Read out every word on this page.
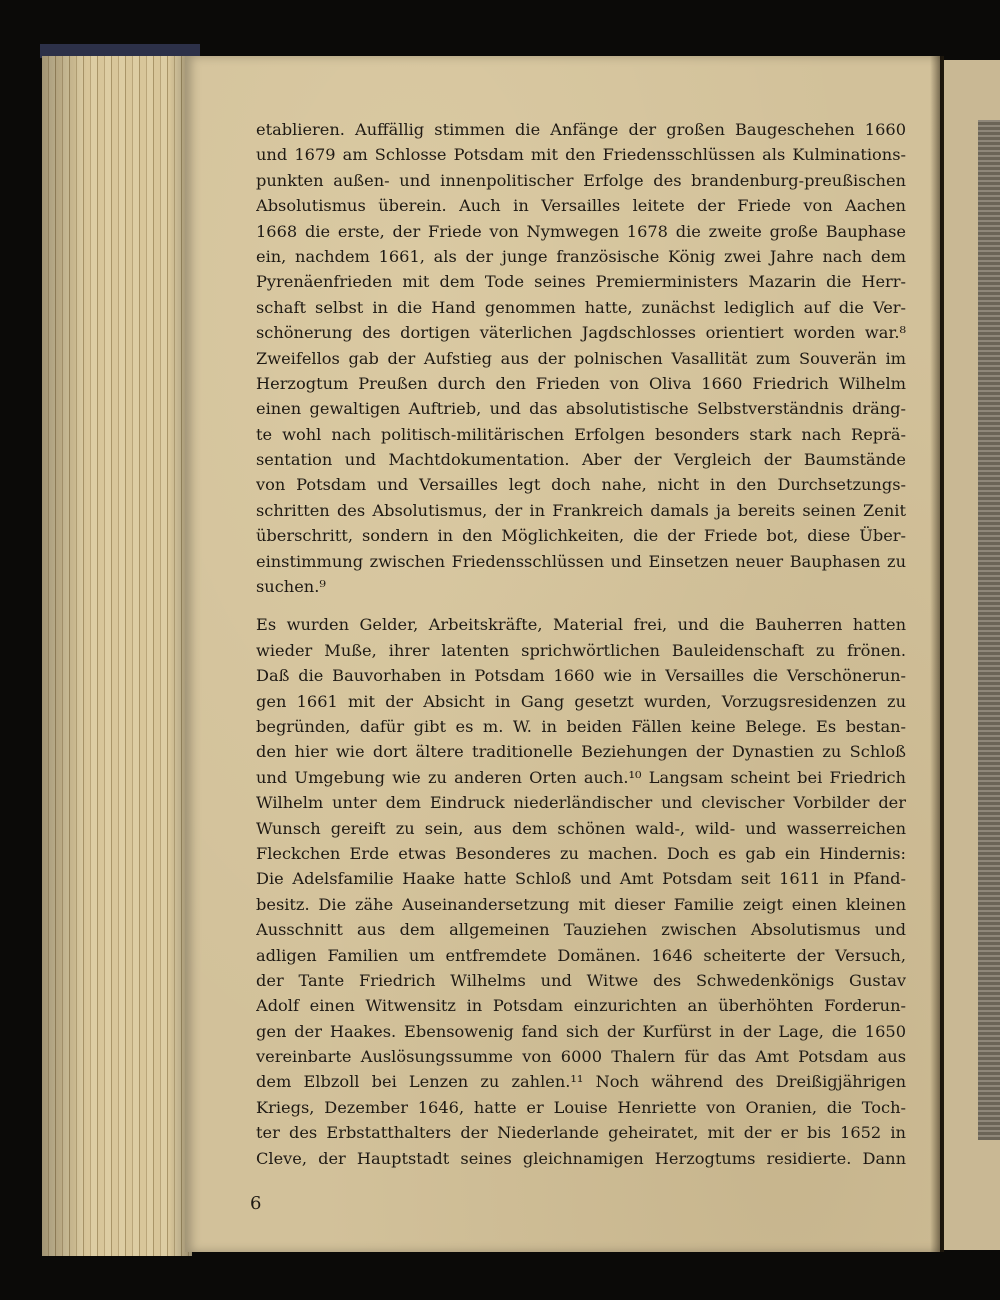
etablieren. Auffällig stimmen die Anfänge der großen Baugeschehen 1660
und 1679 am Schlosse Potsdam mit den Friedensschlüssen als Kulminations-
punkten außen- und innenpolitischer Erfolge des brandenburg-preußischen
Absolutismus überein. Auch in Versailles leitete der Friede von Aachen
1668 die erste, der Friede von Nymwegen 1678 die zweite große Bauphase
ein, nachdem 1661, als der junge französische König zwei Jahre nach dem
Pyrenäenfrieden mit dem Tode seines Premierministers Mazarin die Herr-
schaft selbst in die Hand genommen hatte, zunächst lediglich auf die Ver-
schönerung des dortigen väterlichen Jagdschlosses orientiert worden war.⁸
Zweifellos gab der Aufstieg aus der polnischen Vasallität zum Souverän im
Herzogtum Preußen durch den Frieden von Oliva 1660 Friedrich Wilhelm
einen gewaltigen Auftrieb, und das absolutistische Selbstverständnis dräng-
te wohl nach politisch-militärischen Erfolgen besonders stark nach Reprä-
sentation und Machtdokumentation. Aber der Vergleich der Baumstände
von Potsdam und Versailles legt doch nahe, nicht in den Durchsetzungs-
schritten des Absolutismus, der in Frankreich damals ja bereits seinen Zenit
überschritt, sondern in den Möglichkeiten, die der Friede bot, diese Über-
einstimmung zwischen Friedensschlüssen und Einsetzen neuer Bauphasen zu
suchen.⁹
Es wurden Gelder, Arbeitskräfte, Material frei, und die Bauherren hatten
wieder Muße, ihrer latenten sprichwörtlichen Bauleidenschaft zu frönen.
Daß die Bauvorhaben in Potsdam 1660 wie in Versailles die Verschönerun-
gen 1661 mit der Absicht in Gang gesetzt wurden, Vorzugsresidenzen zu
begründen, dafür gibt es m. W. in beiden Fällen keine Belege. Es bestan-
den hier wie dort ältere traditionelle Beziehungen der Dynastien zu Schloß
und Umgebung wie zu anderen Orten auch.¹⁰ Langsam scheint bei Friedrich
Wilhelm unter dem Eindruck niederländischer und clevischer Vorbilder der
Wunsch gereift zu sein, aus dem schönen wald-, wild- und wasserreichen
Fleckchen Erde etwas Besonderes zu machen. Doch es gab ein Hindernis:
Die Adelsfamilie Haake hatte Schloß und Amt Potsdam seit 1611 in Pfand-
besitz. Die zähe Auseinandersetzung mit dieser Familie zeigt einen kleinen
Ausschnitt aus dem allgemeinen Tauziehen zwischen Absolutismus und
adligen Familien um entfremdete Domänen. 1646 scheiterte der Versuch,
der Tante Friedrich Wilhelms und Witwe des Schwedenkönigs Gustav
Adolf einen Witwensitz in Potsdam einzurichten an überhöhten Forderun-
gen der Haakes. Ebensowenig fand sich der Kurfürst in der Lage, die 1650
vereinbarte Auslösungssumme von 6000 Thalern für das Amt Potsdam aus
dem Elbzoll bei Lenzen zu zahlen.¹¹ Noch während des Dreißigjährigen
Kriegs, Dezember 1646, hatte er Louise Henriette von Oranien, die Toch-
ter des Erbstatthalters der Niederlande geheiratet, mit der er bis 1652 in
Cleve, der Hauptstadt seines gleichnamigen Herzogtums residierte. Dann
6
